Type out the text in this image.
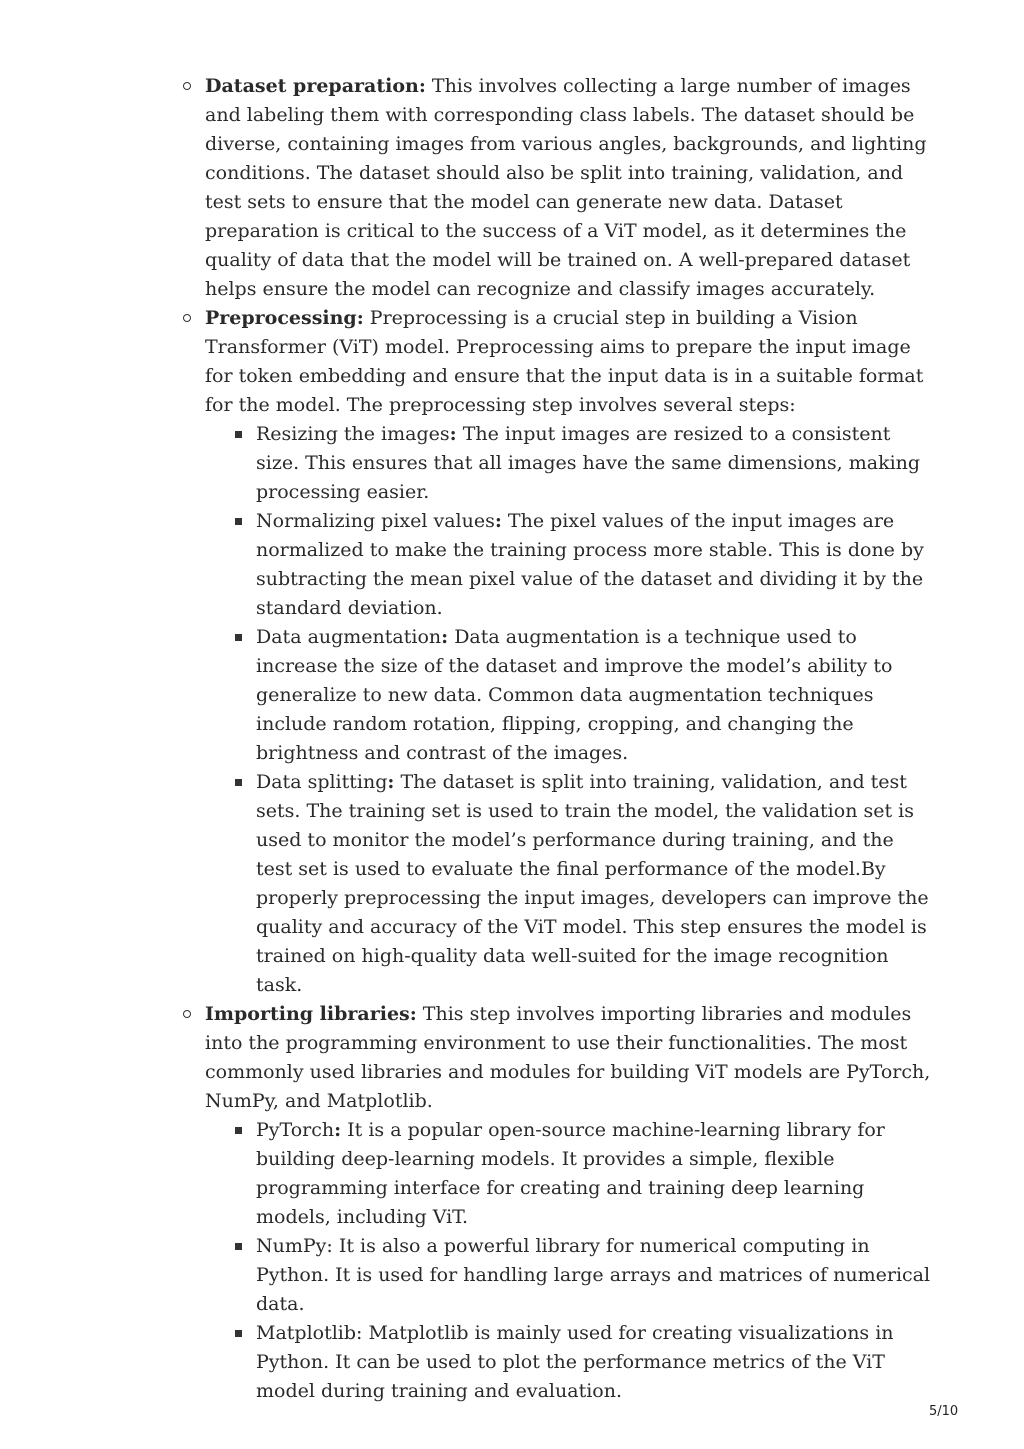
Dataset preparation: This involves collecting a large number of images and labeling them with corresponding class labels. The dataset should be diverse, containing images from various angles, backgrounds, and lighting conditions. The dataset should also be split into training, validation, and test sets to ensure that the model can generate new data. Dataset preparation is critical to the success of a ViT model, as it determines the quality of data that the model will be trained on. A well-prepared dataset helps ensure the model can recognize and classify images accurately.
Preprocessing: Preprocessing is a crucial step in building a Vision Transformer (ViT) model. Preprocessing aims to prepare the input image for token embedding and ensure that the input data is in a suitable format for the model. The preprocessing step involves several steps:
Resizing the images: The input images are resized to a consistent size. This ensures that all images have the same dimensions, making processing easier.
Normalizing pixel values: The pixel values of the input images are normalized to make the training process more stable. This is done by subtracting the mean pixel value of the dataset and dividing it by the standard deviation.
Data augmentation: Data augmentation is a technique used to increase the size of the dataset and improve the model’s ability to generalize to new data. Common data augmentation techniques include random rotation, flipping, cropping, and changing the brightness and contrast of the images.
Data splitting: The dataset is split into training, validation, and test sets. The training set is used to train the model, the validation set is used to monitor the model’s performance during training, and the test set is used to evaluate the final performance of the model.By properly preprocessing the input images, developers can improve the quality and accuracy of the ViT model. This step ensures the model is trained on high-quality data well-suited for the image recognition task.
Importing libraries: This step involves importing libraries and modules into the programming environment to use their functionalities. The most commonly used libraries and modules for building ViT models are PyTorch, NumPy, and Matplotlib.
PyTorch: It is a popular open-source machine-learning library for building deep-learning models. It provides a simple, flexible programming interface for creating and training deep learning models, including ViT.
NumPy: It is also a powerful library for numerical computing in Python. It is used for handling large arrays and matrices of numerical data.
Matplotlib: Matplotlib is mainly used for creating visualizations in Python. It can be used to plot the performance metrics of the ViT model during training and evaluation.
5/10
